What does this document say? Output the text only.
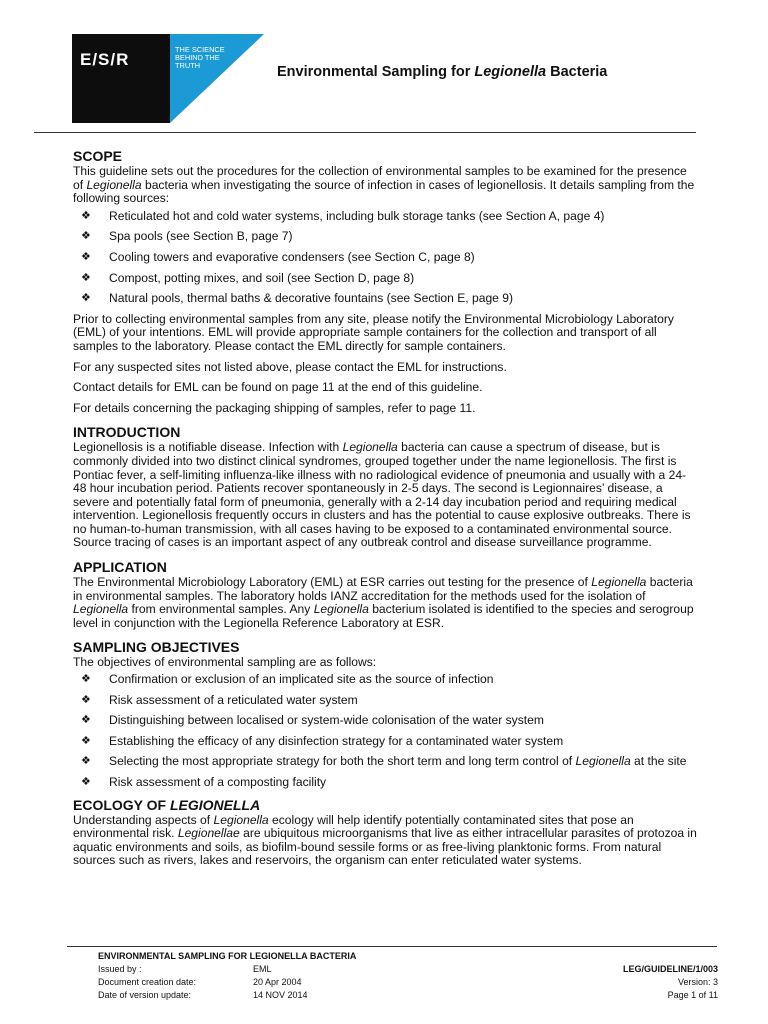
E/S/R
THE SCIENCE BEHIND THE TRUTH	Environmental Sampling for Legionella Bacteria
SCOPE

This guideline sets out the procedures for the collection of environmental samples to be examined for the presence of Legionella bacteria when investigating the source of infection in cases of legionellosis. It details sampling from the following sources:

❖ Reticulated hot and cold water systems, including bulk storage tanks (see Section A, page 4)
❖ Spa pools (see Section B, page 7)
❖ Cooling towers and evaporative condensers (see Section C, page 8)
❖ Compost, potting mixes, and soil (see Section D, page 8)
❖ Natural pools, thermal baths & decorative fountains (see Section E, page 9)

Prior to collecting environmental samples from any site, please notify the Environmental Microbiology Laboratory (EML) of your intentions. EML will provide appropriate sample containers for the collection and transport of all samples to the laboratory. Please contact the EML directly for sample containers.

For any suspected sites not listed above, please contact the EML for instructions.

Contact details for EML can be found on page 11 at the end of this guideline.

For details concerning the packaging shipping of samples, refer to page 11.

INTRODUCTION

Legionellosis is a notifiable disease. Infection with Legionella bacteria can cause a spectrum of disease, but is commonly divided into two distinct clinical syndromes, grouped together under the name legionellosis. The first is Pontiac fever, a self-limiting influenza-like illness with no radiological evidence of pneumonia and usually with a 24-48 hour incubation period. Patients recover spontaneously in 2-5 days. The second is Legionnaires’ disease, a severe and potentially fatal form of pneumonia, generally with a 2-14 day incubation period and requiring medical intervention. Legionellosis frequently occurs in clusters and has the potential to cause explosive outbreaks. There is no human-to-human transmission, with all cases having to be exposed to a contaminated environmental source. Source tracing of cases is an important aspect of any outbreak control and disease surveillance programme.

APPLICATION

The Environmental Microbiology Laboratory (EML) at ESR carries out testing for the presence of Legionella bacteria in environmental samples. The laboratory holds IANZ accreditation for the methods used for the isolation of Legionella from environmental samples. Any Legionella bacterium isolated is identified to the species and serogroup level in conjunction with the Legionella Reference Laboratory at ESR.

SAMPLING OBJECTIVES

The objectives of environmental sampling are as follows:

❖ Confirmation or exclusion of an implicated site as the source of infection
❖ Risk assessment of a reticulated water system
❖ Distinguishing between localised or system-wide colonisation of the water system
❖ Establishing the efficacy of any disinfection strategy for a contaminated water system
❖ Selecting the most appropriate strategy for both the short term and long term control of Legionella at the site
❖ Risk assessment of a composting facility
ECOLOGY OF LEGIONELLA

Understanding aspects of Legionella ecology will help identify potentially contaminated sites that pose an environmental risk. Legionellae are ubiquitous microorganisms that live as either intracellular parasites of protozoa in aquatic environments and soils, as biofilm-bound sessile forms or as free-living planktonic forms. From natural sources such as rivers, lakes and reservoirs, the organism can enter reticulated water systems.

ENVIRONMENTAL SAMPLING FOR LEGIONELLA BACTERIA
Issued by :	EML	LEG/GUIDELINE/1/003
Document creation date:	20 Apr 2004	Version: 3
Date of version update:	14 NOV 2014	Page 1 of 11
